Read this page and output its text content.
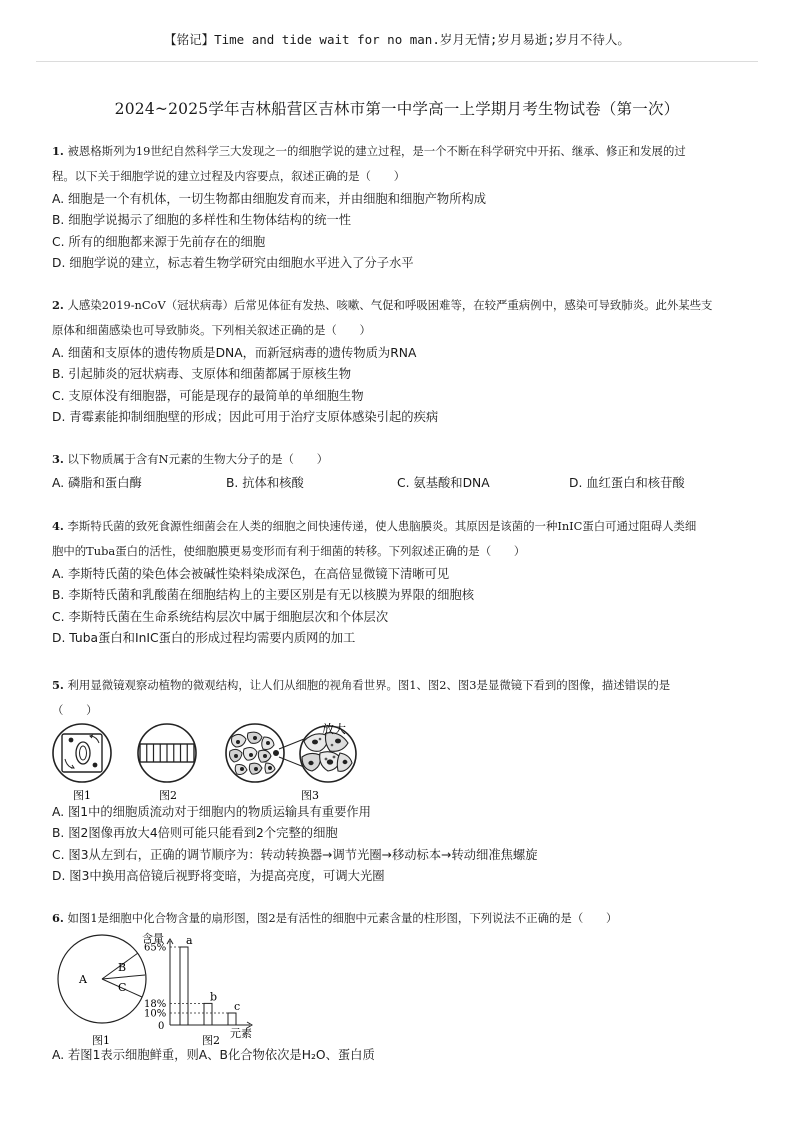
【铭记】Time and tide wait for no man.岁月无情;岁月易逝;岁月不待人。
2024~2025学年吉林船营区吉林市第一中学高一上学期月考生物试卷（第一次）

1. 被恩格斯列为19世纪自然科学三大发现之一的细胞学说的建立过程，是一个不断在科学研究中开拓、继承、修正和发展的过
程。以下关于细胞学说的建立过程及内容要点，叙述正确的是（　　）

A. 细胞是一个有机体，一切生物都由细胞发育而来，并由细胞和细胞产物所构成

B. 细胞学说揭示了细胞的多样性和生物体结构的统一性

C. 所有的细胞都来源于先前存在的细胞

D. 细胞学说的建立，标志着生物学研究由细胞水平进入了分子水平

2. 人感染2019-nCoV（冠状病毒）后常见体征有发热、咳嗽、气促和呼吸困难等，在较严重病例中，感染可导致肺炎。此外某些支
原体和细菌感染也可导致肺炎。下列相关叙述正确的是（　　）

A. 细菌和支原体的遗传物质是DNA，而新冠病毒的遗传物质为RNA

B. 引起肺炎的冠状病毒、支原体和细菌都属于原核生物

C. 支原体没有细胞器，可能是现存的最简单的单细胞生物

D. 青霉素能抑制细胞壁的形成；因此可用于治疗支原体感染引起的疾病

3. 以下物质属于含有N元素的生物大分子的是（　　）

A. 磷脂和蛋白酶	B. 抗体和核酸	C. 氨基酸和DNA	D. 血红蛋白和核苷酸

4. 李斯特氏菌的致死食源性细菌会在人类的细胞之间快速传递，使人患脑膜炎。其原因是该菌的一种InIC蛋白可通过阻碍人类细
胞中的Tuba蛋白的活性，使细胞膜更易变形而有利于细菌的转移。下列叙述正确的是（　　）

A. 李斯特氏菌的染色体会被碱性染料染成深色，在高倍显微镜下清晰可见

B. 李斯特氏菌和乳酸菌在细胞结构上的主要区别是有无以核膜为界限的细胞核

C. 李斯特氏菌在生命系统结构层次中属于细胞层次和个体层次

D. Tuba蛋白和InIC蛋白的形成过程均需要内质网的加工

5. 利用显微镜观察动植物的微观结构，让人们从细胞的视角看世界。图1、图2、图3是显微镜下看到的图像，描述错误的是
（　　）

放大
图1	图2	图3

A. 图1中的细胞质流动对于细胞内的物质运输具有重要作用

B. 图2图像再放大4倍则可能只能看到2个完整的细胞

C. 图3从左到右，正确的调节顺序为：转动转换器→调节光圈→移动标本→转动细准焦螺旋

D. 图3中换用高倍镜后视野将变暗，为提高亮度，可调大光圈

6. 如图1是细胞中化合物含量的扇形图，图2是有活性的细胞中元素含量的柱形图，下列说法不正确的是（　　）

A
B
C
图1
a
b
c
含量
元素
65%
18%
10%
0
图2

A. 若图1表示细胞鲜重，则A、B化合物依次是H₂O、蛋白质
